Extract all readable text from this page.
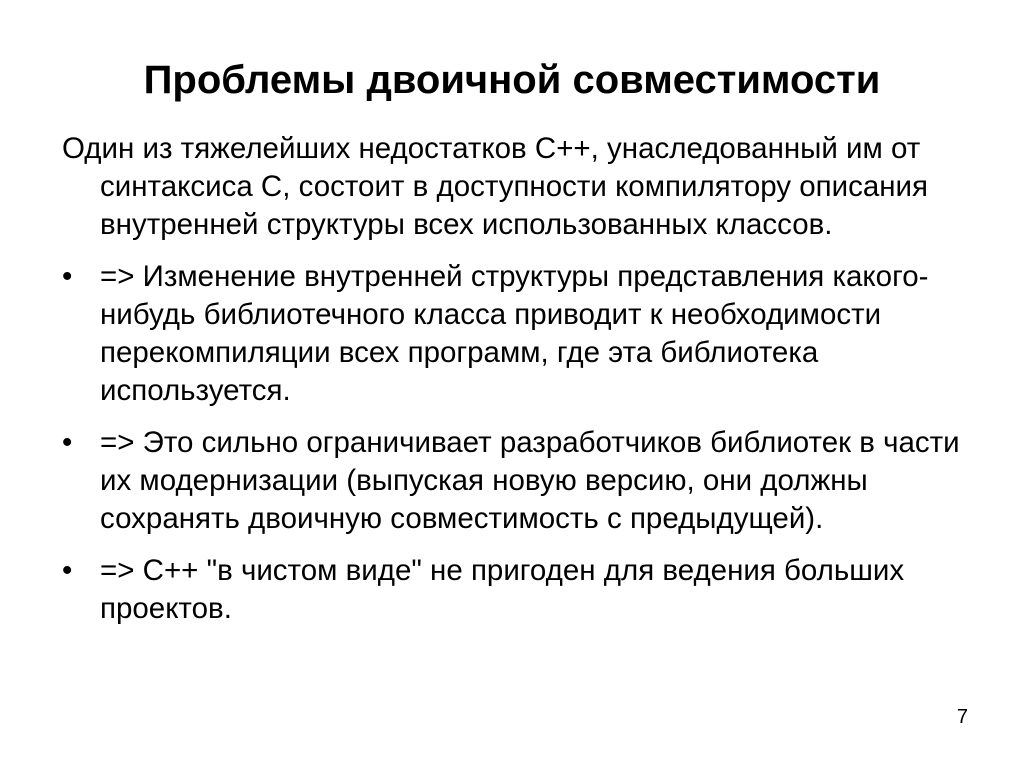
Проблемы двоичной совместимости

Один из тяжелейших недостатков C++, унаследованный им от синтаксиса C, состоит в доступности компилятору описания внутренней структуры всех использованных классов.

• => Изменение внутренней структуры представления какого-нибудь библиотечного класса приводит к необходимости перекомпиляции всех программ, где эта библиотека используется.
• => Это сильно ограничивает разработчиков библиотек в части их модернизации (выпуская новую версию, они должны сохранять двоичную совместимость с предыдущей).
• => C++ "в чистом виде" не пригоден для ведения больших проектов.
7
